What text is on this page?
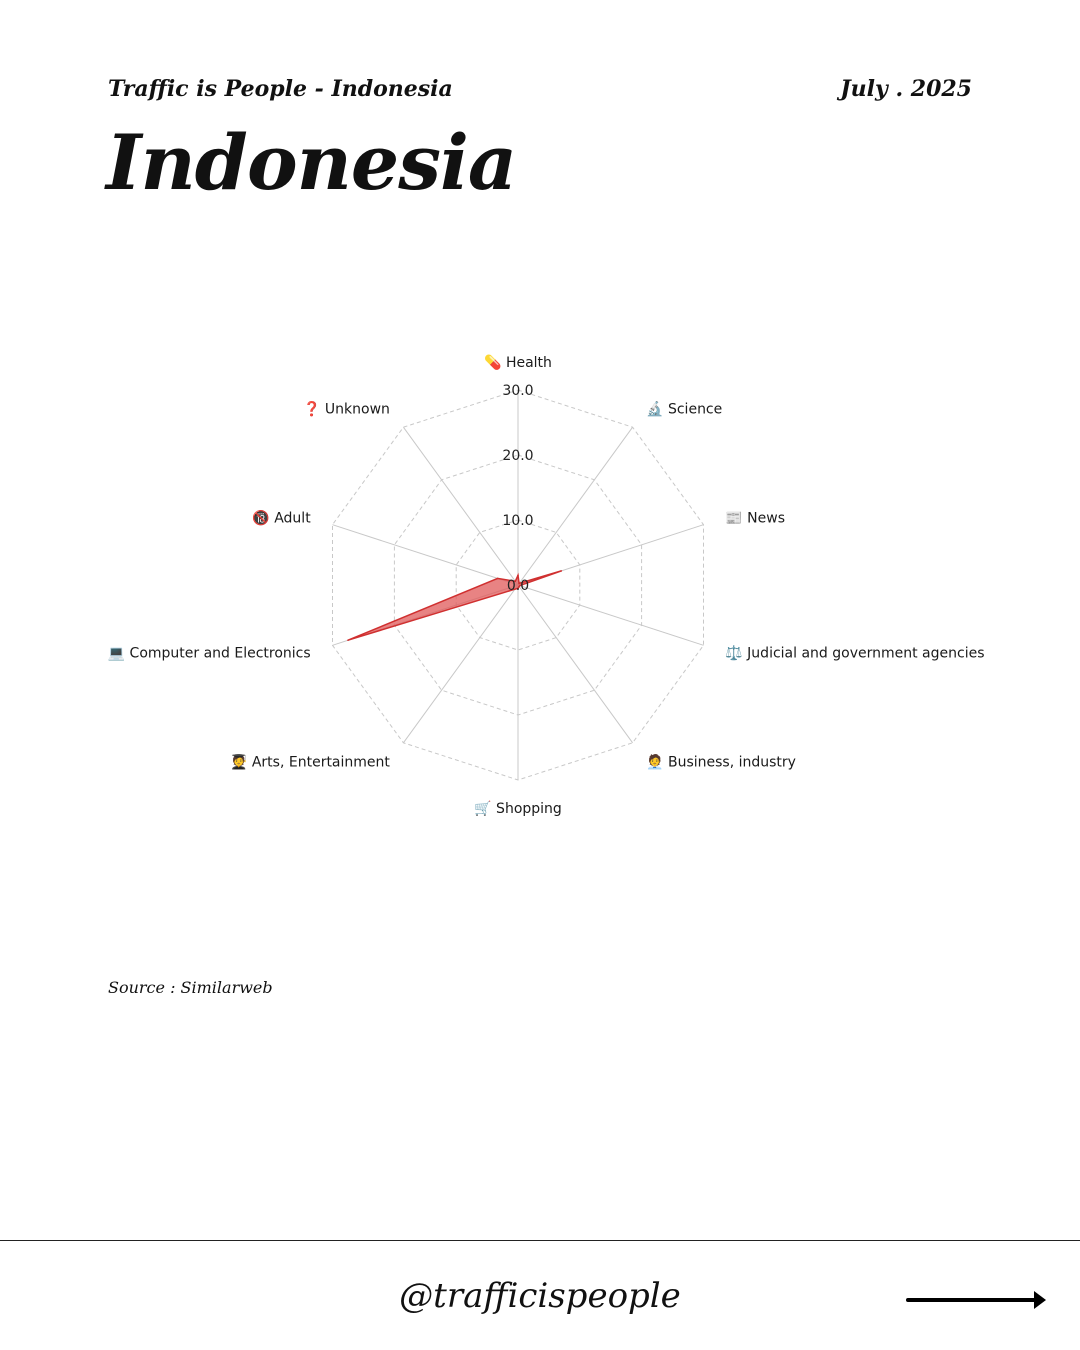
Traffic is People - Indonesia	July . 2025
Indonesia
0.0
10.0
20.0
30.0
💊 Health
🔬 Science
📰 News
⚖️ Judicial and government agencies
🧑‍💼 Business, industry
🛒 Shopping
🧑‍🎓 Arts, Entertainment
💻 Computer and Electronics
🔞 Adult
❓ Unknown
Source : Similarweb
@trafficispeople
